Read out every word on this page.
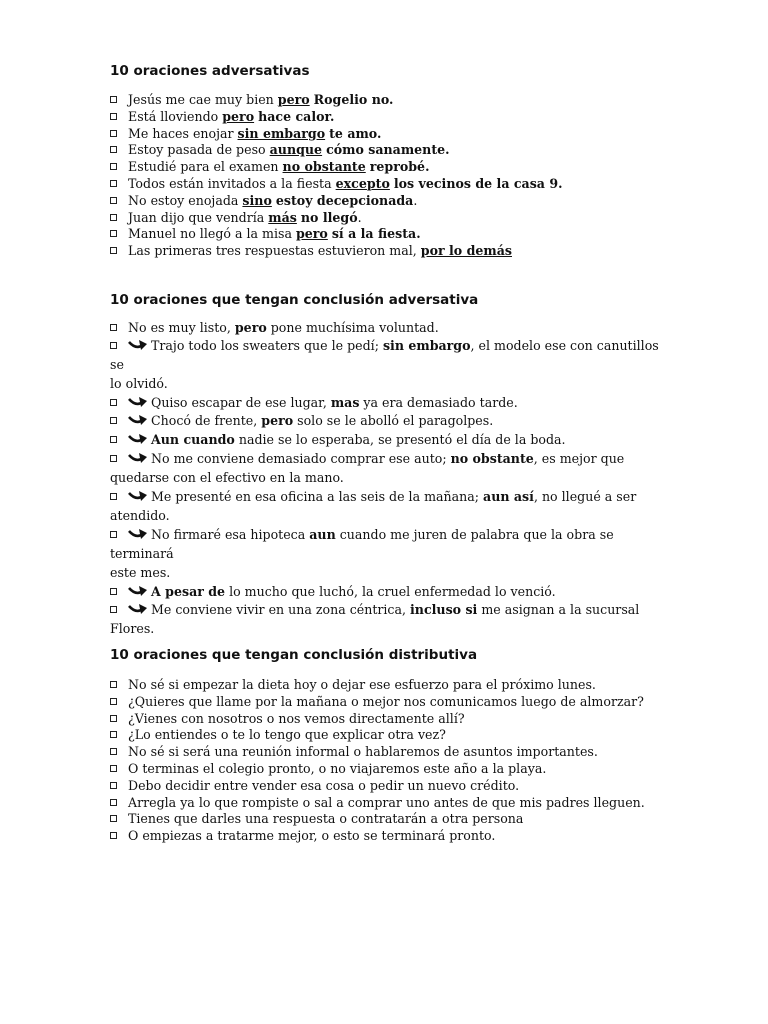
10 oraciones adversativas
Jesús me cae muy bien pero Rogelio no.
Está lloviendo pero hace calor.
Me haces enojar sin embargo te amo.
Estoy pasada de peso aunque cómo sanamente.
Estudié para el examen no obstante reprobé.
Todos están invitados a la fiesta excepto los vecinos de la casa 9.
No estoy enojada sino estoy decepcionada.
Juan dijo que vendría más no llegó.
Manuel no llegó a la misa pero sí a la fiesta.
Las primeras tres respuestas estuvieron mal, por lo demás
10 oraciones que tengan conclusión adversativa
No es muy listo, pero pone muchísima voluntad.
Trajo todo los sweaters que le pedí; sin embargo, el modelo ese con canutillos se
lo olvidó.
Quiso escapar de ese lugar, mas ya era demasiado tarde.
Chocó de frente, pero solo se le abolló el paragolpes.
Aun cuando nadie se lo esperaba, se presentó el día de la boda.
No me conviene demasiado comprar ese auto; no obstante, es mejor que
quedarse con el efectivo en la mano.
Me presenté en esa oficina a las seis de la mañana; aun así, no llegué a ser
atendido.
No firmaré esa hipoteca aun cuando me juren de palabra que la obra se terminará
este mes.
A pesar de lo mucho que luchó, la cruel enfermedad lo venció.
Me conviene vivir en una zona céntrica, incluso si me asignan a la sucursal
Flores.
10 oraciones que tengan conclusión distributiva
No sé si empezar la dieta hoy o dejar ese esfuerzo para el próximo lunes.
¿Quieres que llame por la mañana o mejor nos comunicamos luego de almorzar?
¿Vienes con nosotros o nos vemos directamente allí?
¿Lo entiendes o te lo tengo que explicar otra vez?
No sé si será una reunión informal o hablaremos de asuntos importantes.
O terminas el colegio pronto, o no viajaremos este año a la playa.
Debo decidir entre vender esa cosa o pedir un nuevo crédito.
Arregla ya lo que rompiste o sal a comprar uno antes de que mis padres lleguen.
Tienes que darles una respuesta o contratarán a otra persona
O empiezas a tratarme mejor, o esto se terminará pronto.
